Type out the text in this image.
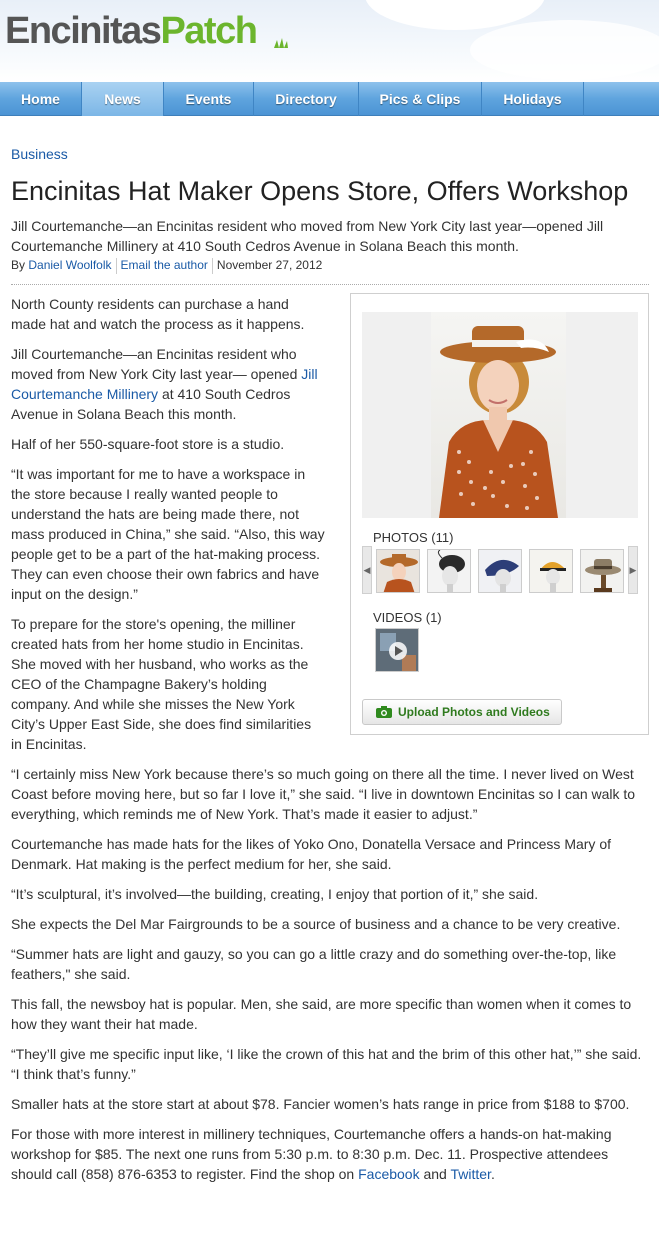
EncinitasPatch
Home	News	Events	Directory	Pics & Clips	Holidays
Business
Encinitas Hat Maker Opens Store, Offers Workshop
Jill Courtemanche—an Encinitas resident who moved from New York City last year—opened Jill Courtemanche Millinery at 410 South Cedros Avenue in Solana Beach this month.
By Daniel Woolfolk Email the author November 27, 2012

North County residents can purchase a hand made hat and watch the process as it happens.

Jill Courtemanche—an Encinitas resident who moved from New York City last year— opened Jill Courtemanche Millinery at 410 South Cedros Avenue in Solana Beach this month.

Half of her 550-square-foot store is a studio.

“It was important for me to have a workspace in the store because I really wanted people to understand the hats are being made there, not mass produced in China,” she said. “Also, this way people get to be a part of the hat-making process. They can even choose their own fabrics and have input on the design.”

To prepare for the store's opening, the milliner created hats from her home studio in Encinitas. She moved with her husband, who works as the CEO of the Champagne Bakery’s holding company. And while she misses the New York City’s Upper East Side, she does find similarities in Encinitas.

PHOTOS (11)
◀	▶
VIDEOS (1)
Upload Photos and Videos

“I certainly miss New York because there’s so much going on there all the time. I never lived on West Coast before moving here, but so far I love it,” she said. “I live in downtown Encinitas so I can walk to everything, which reminds me of New York. That’s made it easier to adjust.”

Courtemanche has made hats for the likes of Yoko Ono, Donatella Versace and Princess Mary of Denmark. Hat making is the perfect medium for her, she said.

“It’s sculptural, it’s involved—the building, creating, I enjoy that portion of it,” she said.

She expects the Del Mar Fairgrounds to be a source of business and a chance to be very creative.

“Summer hats are light and gauzy, so you can go a little crazy and do something over-the-top, like feathers," she said.

This fall, the newsboy hat is popular. Men, she said, are more specific than women when it comes to how they want their hat made.

“They’ll give me specific input like, ‘I like the crown of this hat and the brim of this other hat,’” she said. “I think that’s funny.”

Smaller hats at the store start at about $78. Fancier women’s hats range in price from $188 to $700.

For those with more interest in millinery techniques, Courtemanche offers a hands-on hat-making workshop for $85. The next one runs from 5:30 p.m. to 8:30 p.m. Dec. 11. Prospective attendees should call (858) 876-6353 to register. Find the shop on Facebook and Twitter.
